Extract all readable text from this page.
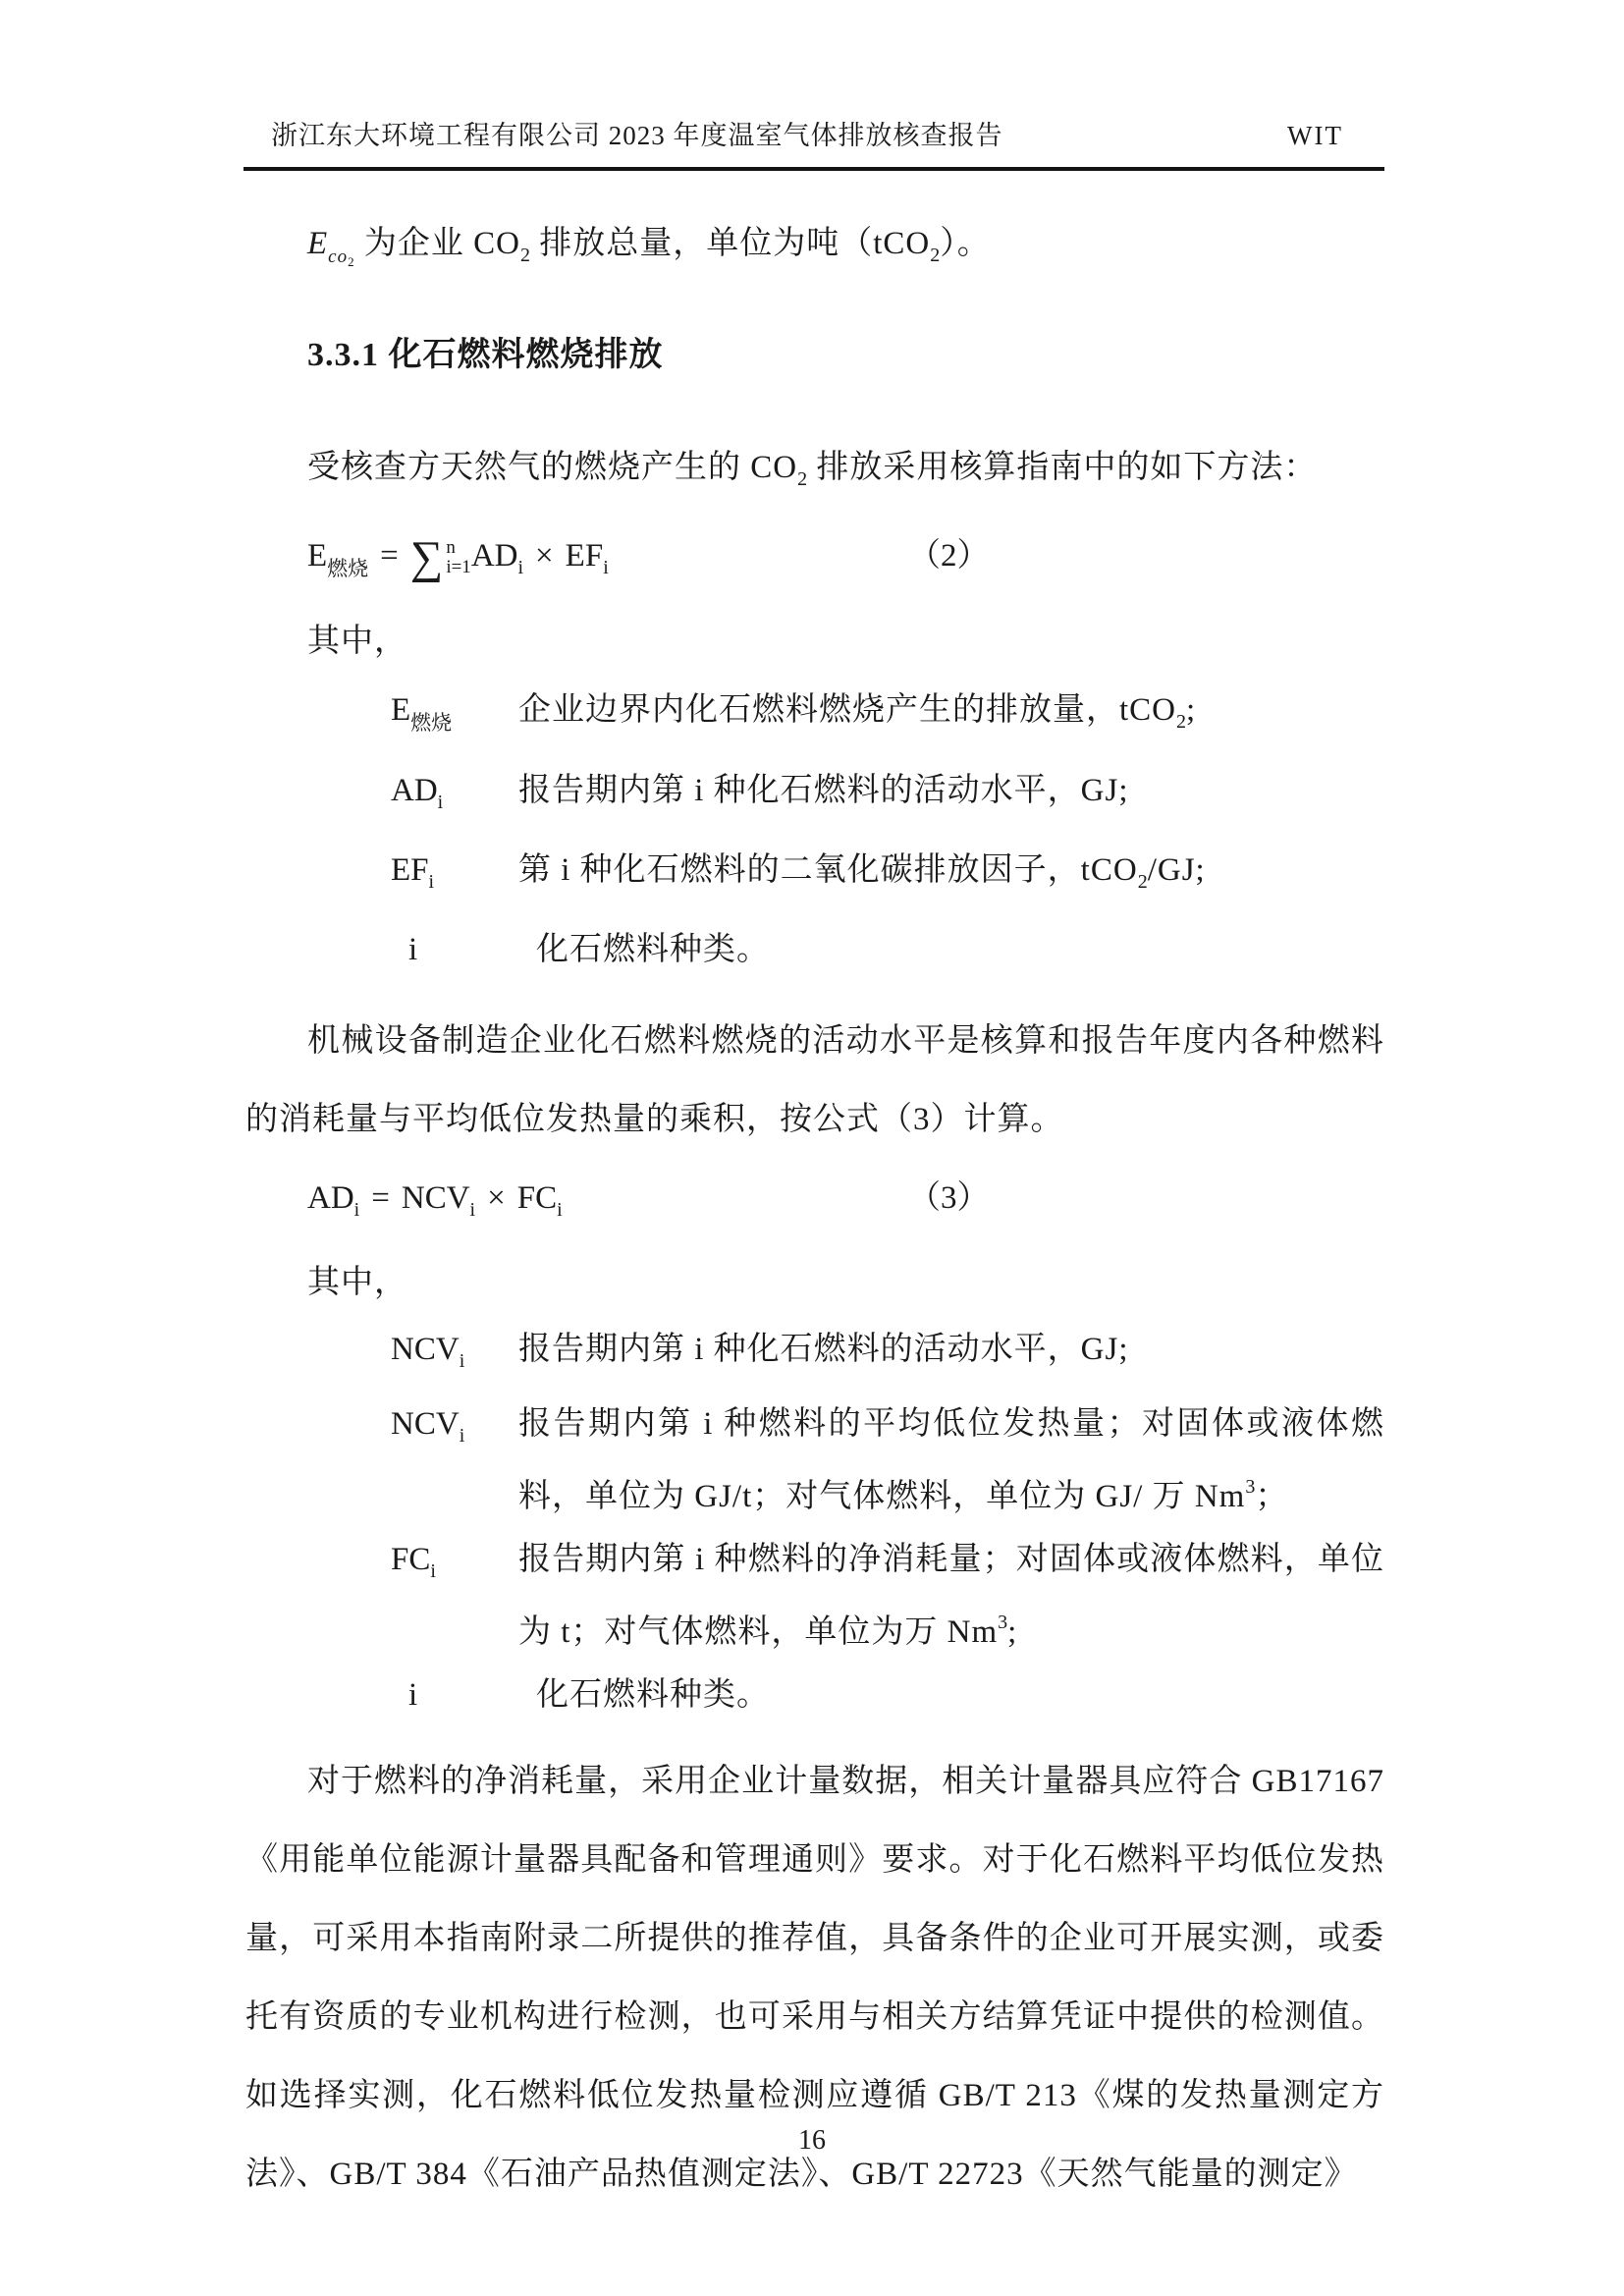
浙江东大环境工程有限公司 2023 年度温室气体排放核查报告	WIT

$E_{co2}$ 为企业 $CO_2$ 排放总量，单位为吨（tCO$_2$）。

3.3.1 化石燃料燃烧排放

受核查方天然气的燃烧产生的 $CO_2$ 排放采用核算指南中的如下方法：

$E_{燃烧}$ = ∑ n
i=1 $AD_i \times EF_i$	（2）
其中，
$E_{燃烧}$	企业边界内化石燃料燃烧产生的排放量，tCO$_2$;
$AD_i$	报告期内第 i 种化石燃料的活动水平，GJ;
$EF_i$	第 i 种化石燃料的二氧化碳排放因子，tCO$_2$/GJ;
i	化石燃料种类。

机械设备制造企业化石燃料燃烧的活动水平是核算和报告年度内各种燃料的消耗量与平均低位发热量的乘积，按公式（3）计算。

$AD_i = NCV_i \times FC_i$	（3）
其中，
$NCV_i$	报告期内第 i 种化石燃料的活动水平，GJ;
$NCV_i$	报告期内第 i 种燃料的平均低位发热量；对固体或液体燃料，单位为 GJ/t；对气体燃料，单位为 GJ/ 万 Nm$^3$；
$FC_i$	报告期内第 i 种燃料的净消耗量；对固体或液体燃料，单位为 t；对气体燃料，单位为万 Nm$^3$;
i	化石燃料种类。

对于燃料的净消耗量，采用企业计量数据，相关计量器具应符合 GB17167《用能单位能源计量器具配备和管理通则》要求。对于化石燃料平均低位发热量，可采用本指南附录二所提供的推荐值，具备条件的企业可开展实测，或委托有资质的专业机构进行检测，也可采用与相关方结算凭证中提供的检测值。如选择实测，化石燃料低位发热量检测应遵循 GB/T 213《煤的发热量测定方法》、GB/T 384《石油产品热值测定法》、GB/T 22723《天然气能量的测定》

16
